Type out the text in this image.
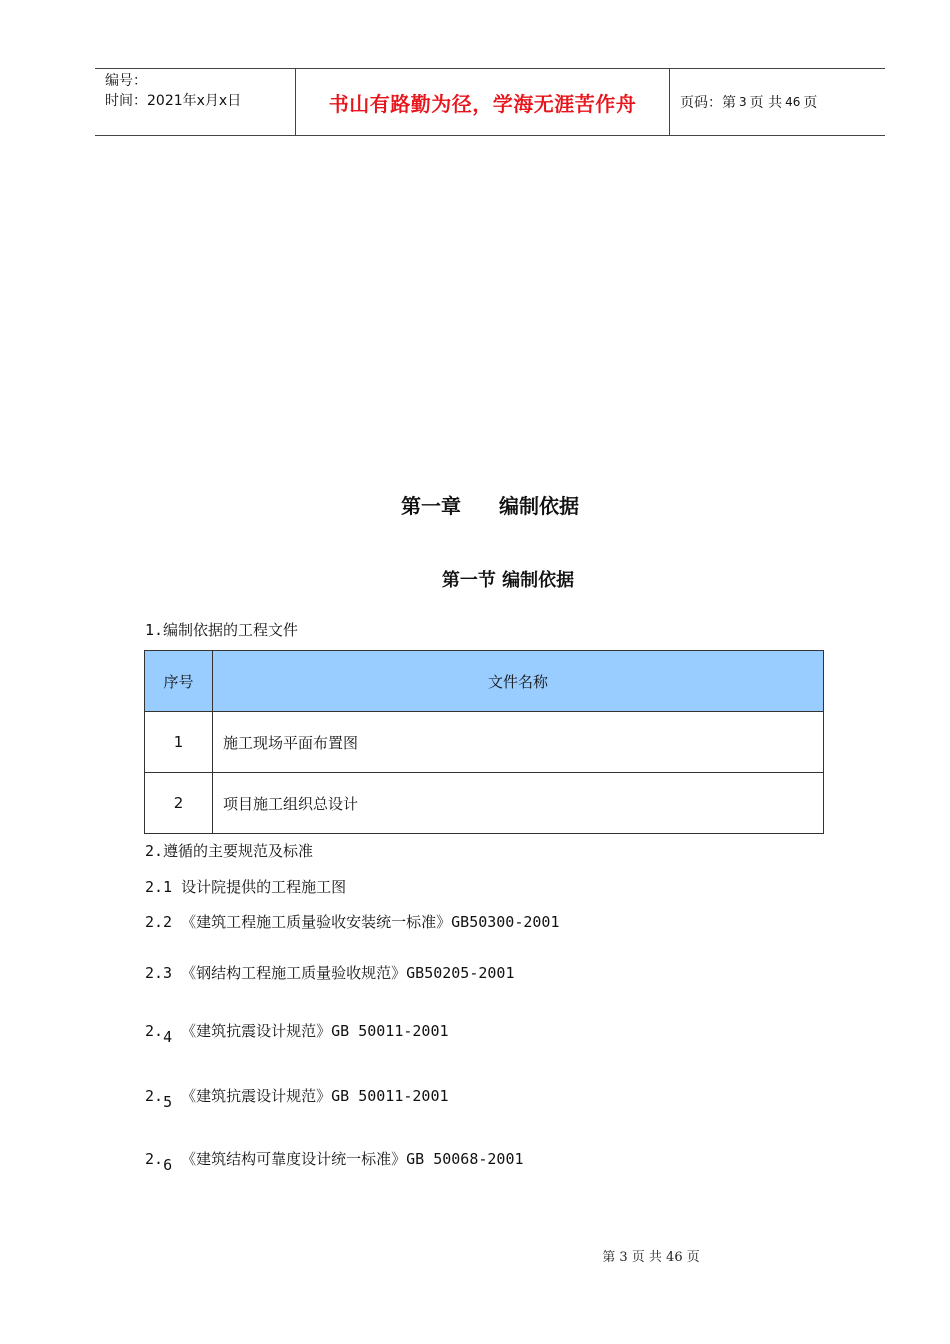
编号：
时间：2021年x月x日	书山有路勤为径，学海无涯苦作舟	页码：第 3 页 共 46 页
第一章 编制依据
第一节 编制依据
1.编制依据的工程文件
序号	文件名称
1	施工现场平面布置图
2	项目施工组织总设计
2.遵循的主要规范及标准
2.1 设计院提供的工程施工图
2.2 《建筑工程施工质量验收安装统一标准》GB50300-2001
2.3 《钢结构工程施工质量验收规范》GB50205-2001
2.4 《建筑抗震设计规范》GB 50011-2001
2.5 《建筑抗震设计规范》GB 50011-2001
2.6 《建筑结构可靠度设计统一标准》GB 50068-2001
第 3 页 共 46 页
